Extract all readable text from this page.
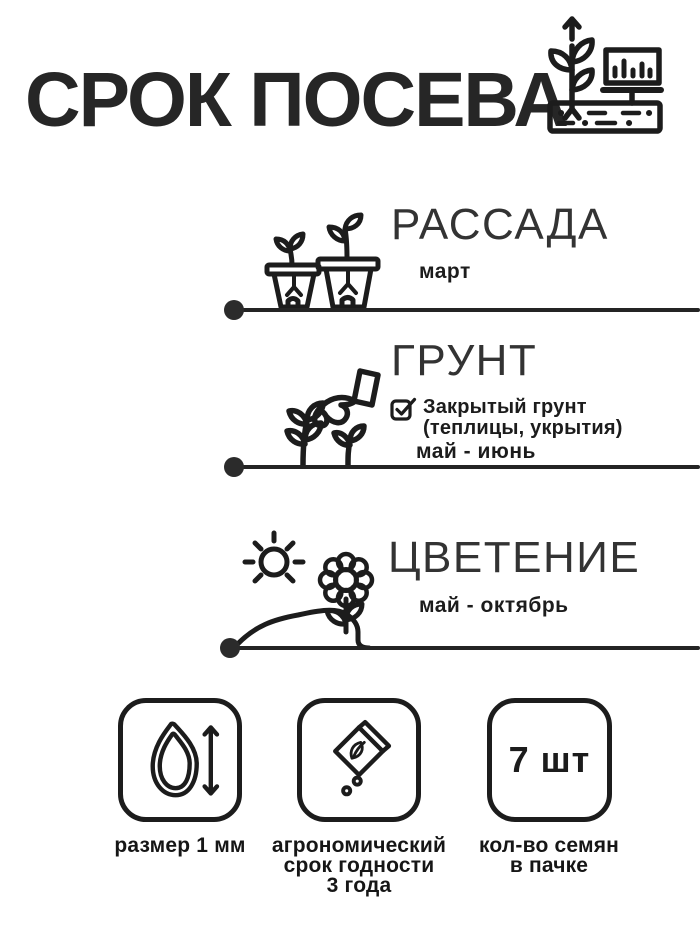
СРОК ПОСЕВА
РАССАДА
март
ГРУНТ
Закрытый грунт
(теплицы, укрытия)
май - июнь
ЦВЕТЕНИЕ
май - октябрь
размер 1 мм	агрономический
срок годности
3 года
7 шт
кол-во семян
в пачке
